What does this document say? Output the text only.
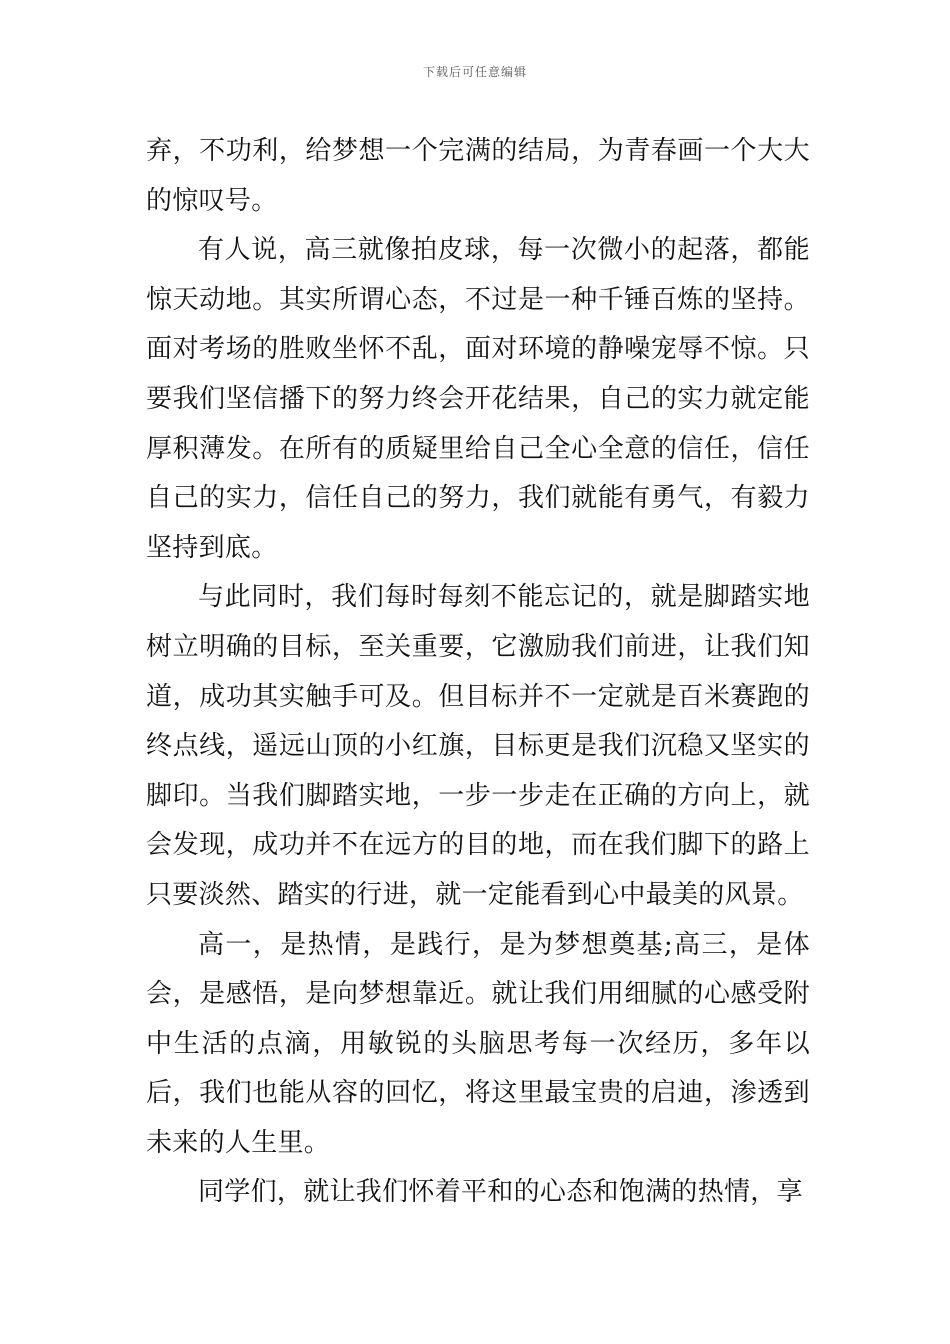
下载后可任意编辑

弃，不功利，给梦想一个完满的结局，为青春画一个大大的惊叹号。

有人说，高三就像拍皮球，每一次微小的起落，都能惊天动地。其实所谓心态，不过是一种千锤百炼的坚持。面对考场的胜败坐怀不乱，面对环境的静噪宠辱不惊。只要我们坚信播下的努力终会开花结果，自己的实力就定能厚积薄发。在所有的质疑里给自己全心全意的信任，信任自己的实力，信任自己的努力，我们就能有勇气，有毅力坚持到底。

与此同时，我们每时每刻不能忘记的，就是脚踏实地树立明确的目标，至关重要，它激励我们前进，让我们知道，成功其实触手可及。但目标并不一定就是百米赛跑的终点线，遥远山顶的小红旗，目标更是我们沉稳又坚实的脚印。当我们脚踏实地，一步一步走在正确的方向上，就会发现，成功并不在远方的目的地，而在我们脚下的路上只要淡然、踏实的行进，就一定能看到心中最美的风景。

高一，是热情，是践行，是为梦想奠基;高三，是体会，是感悟，是向梦想靠近。就让我们用细腻的心感受附中生活的点滴，用敏锐的头脑思考每一次经历，多年以后，我们也能从容的回忆，将这里最宝贵的启迪，渗透到未来的人生里。

同学们，就让我们怀着平和的心态和饱满的热情，享
